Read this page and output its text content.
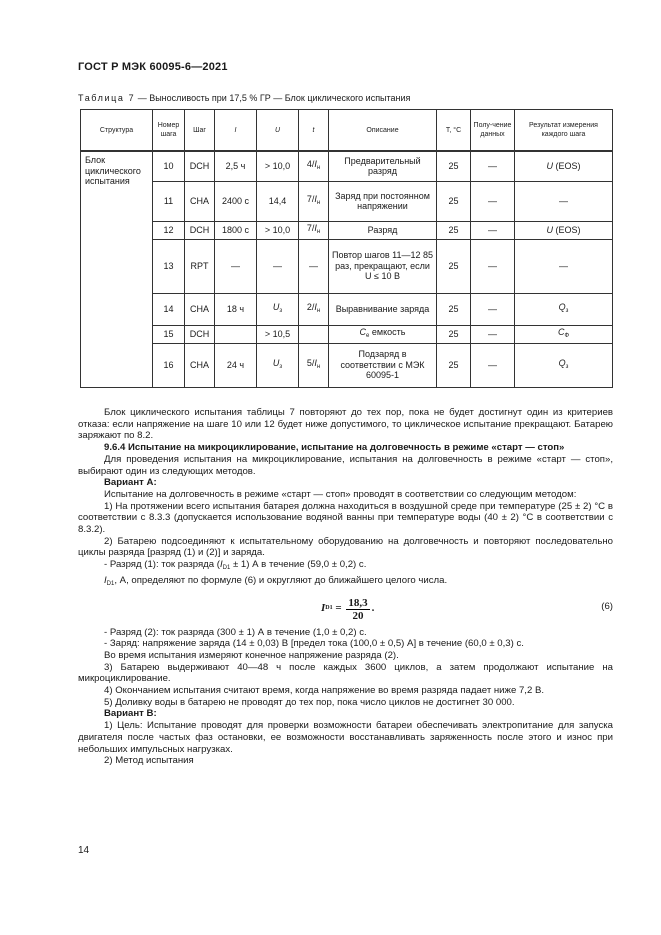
ГОСТ Р МЭК 60095-6—2021
Таблица 7 — Выносливость при 17,5 % ГР — Блок циклического испытания
Структура	Номер шага	Шаг	I	U	t	Описание	T, °C	Полу-чение данных	Результат измерения каждого шага
Блок
циклического
испытания	10	DCH	2,5 ч	> 10,0	$4/I_н$	Предварительный разряд	25	—	U (EOS)
	11	CHA	2400 с	14,4	$7/I_н$	Заряд при постоянном напряжении	25	—	—
	12	DCH	1800 с	> 10,0	$7/I_н$	Разряд	25	—	U (EOS)
	13	RPT	—	—	—	Повтор шагов 11—12 85 раз, прекращают, если U ≤ 10 В	25	—	—
	14	CHA	18 ч	$U_з$	$2/I_н$	Выравнивание заряда	25	—	$Q_з$
	15	DCH		> 10,5		$C_e$ емкость	25	—	$C_Ф$
	16	CHA	24 ч	$U_з$	$5/I_н$	Подзаряд в соответствии с МЭК 60095-1	25	—	$Q_з$

Блок циклического испытания таблицы 7 повторяют до тех пор, пока не будет достигнут один из критериев отказа: если напряжение на шаге 10 или 12 будет ниже допустимого, то циклическое испытание прекращают. Батарею заряжают по 8.2.

9.6.4 Испытание на микроциклирование, испытание на долговечность в режиме «старт — стоп»

Для проведения испытания на микроциклирование, испытания на долговечность в режиме «старт — стоп», выбирают один из следующих методов.

Вариант А:

Испытание на долговечность в режиме «старт — стоп» проводят в соответствии со следующим методом:

1) На протяжении всего испытания батарея должна находиться в воздушной среде при температуре (25 ± 2) °С в соответствии с 8.3.3 (допускается использование водяной ванны при температуре воды (40 ± 2) °С в соответствии с 8.3.2).

2) Батарею подсоединяют к испытательному оборудованию на долговечность и повторяют последовательно циклы разряда [разряд (1) и (2)] и заряда.

- Разряд (1): ток разряда $(I_{D1} \pm 1)$ А в течение (59,0 ± 0,2) с.

$I_{D1}$, А, определяют по формуле (6) и округляют до ближайшего целого числа.

I $D1 = \frac{18,3}{20}$ .	(6)

- Разряд (2): ток разряда (300 ± 1) А в течение (1,0 ± 0,2) с.

- Заряд: напряжение заряда (14 ± 0,03) В [предел тока (100,0 ± 0,5) А] в течение (60,0 ± 0,3) с.

Во время испытания измеряют конечное напряжение разряда (2).

3) Батарею выдерживают 40—48 ч после каждых 3600 циклов, а затем продолжают испытание на микроциклирование.

4) Окончанием испытания считают время, когда напряжение во время разряда падает ниже 7,2 В.

5) Доливку воды в батарею не проводят до тех пор, пока число циклов не достигнет 30 000.

Вариант В:

1) Цель: Испытание проводят для проверки возможности батареи обеспечивать электропитание для запуска двигателя после частых фаз остановки, ее возможности восстанавливать заряженность после этого и износ при небольших импульсных нагрузках.

2) Метод испытания

14
